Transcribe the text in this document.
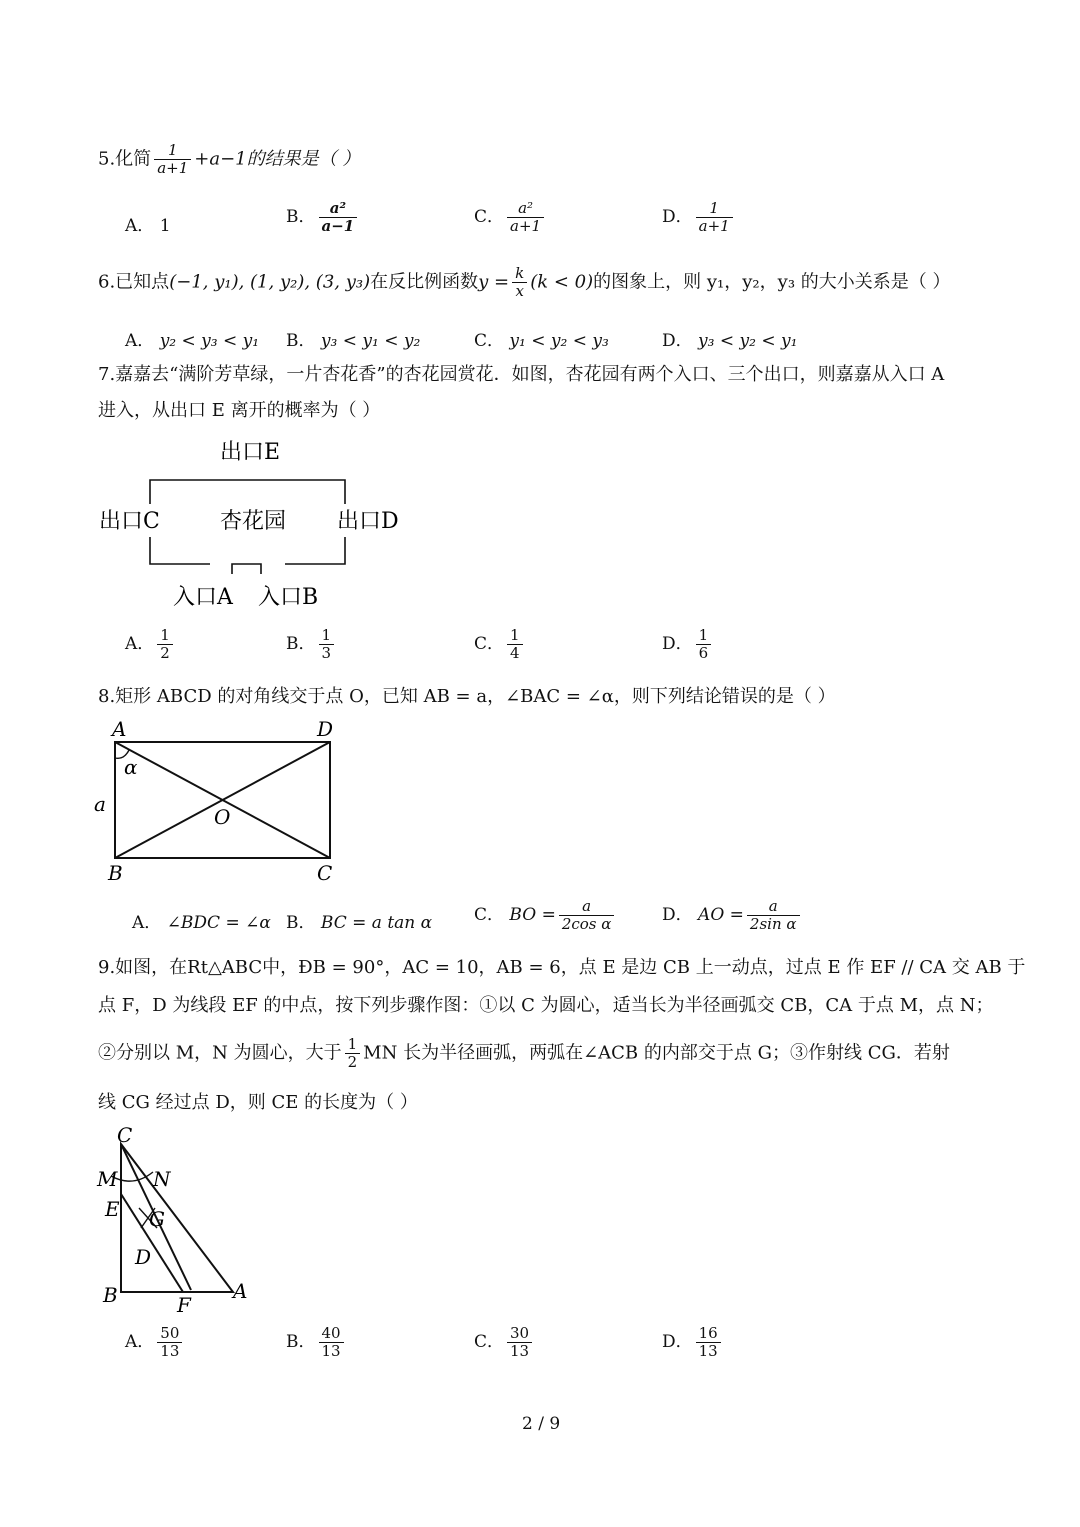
5.化简 $\frac{1}{a+1} +a-1$的结果是（ ）
A． 1	B． $\frac{\text{a²}}{a-1}$	C． $\frac{\text{a²}}{a+1}$	D． $\frac{1}{a+1}$
6.已知点(−1, y₁), (1, y₂), (3, y₃)在反比例函数$y = \frac{k}{x} (k < 0)$的图象上，则 y₁，y₂，y₃ 的大小关系是（ ）
A． y₂ < y₃ < y₁ B． y₃ < y₁ < y₂	C． y₁ < y₂ < y₃	D． y₃ < y₂ < y₁
7.嘉嘉去“满阶芳草绿，一片杏花香”的杏花园赏花．如图，杏花园有两个入口、三个出口，则嘉嘉从入口 A
进入，从出口 E 离开的概率为（ ）
出口E
出口C	杏花园 出口D
入口A 入口B
A． $\frac{1}{2}$	B． $\frac{1}{3}$	C． $\frac{1}{4}$	D． $\frac{1}{6}$
8.矩形 ABCD 的对角线交于点 O，已知 AB = a，∠BAC = ∠α，则下列结论错误的是（ ）
A	D
B	C
O
α
a
A． ∠BDC = ∠α B． BC = a tan α C． BO = $\frac{a}{\text{2cos α}}$	D． AO = $\frac{a}{\text{2sin α}}$
9.如图，在Rt△ABC中，ÐB = 90°，AC = 10，AB = 6，点 E 是边 CB 上一动点，过点 E 作 EF // CA 交 AB 于
点 F，D 为线段 EF 的中点，按下列步骤作图：①以 C 为圆心，适当长为半径画弧交 CB，CA 于点 M，点 N；
②分别以 M，N 为圆心，大于 $\frac{1}{2}$ MN 长为半径画弧，两弧在∠ACB 的内部交于点 G；③作射线 CG．若射
线 CG 经过点 D，则 CE 的长度为（ ）
C
M N
E G
D
B	F
A
A． $\frac{50}{13}$	B． $\frac{40}{13}$	C． $\frac{30}{13}$	D． $\frac{16}{13}$
2 / 9
